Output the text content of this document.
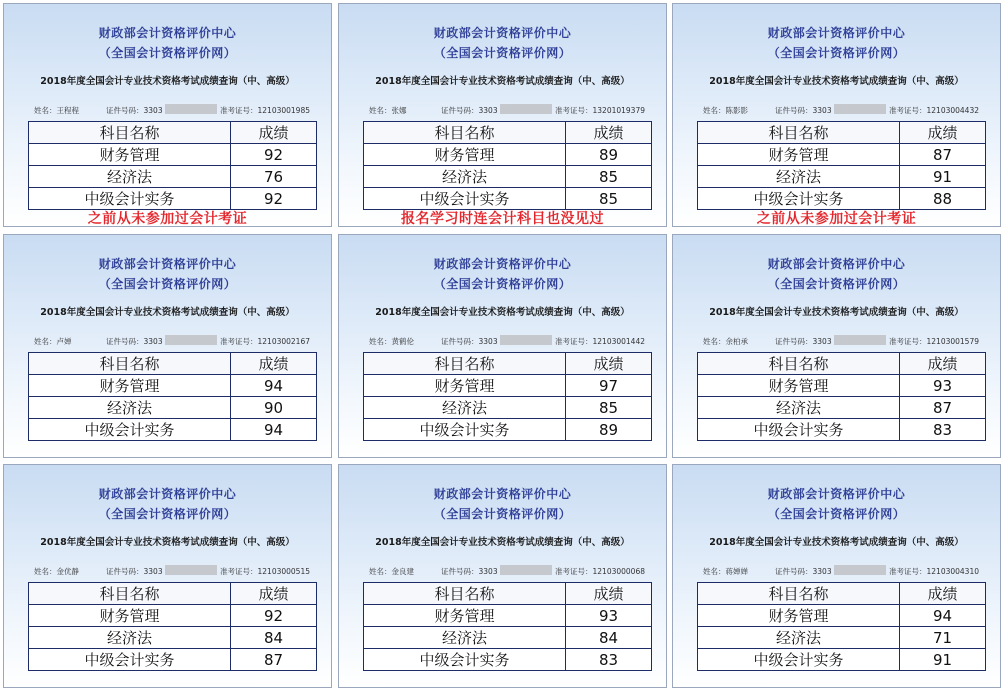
财政部会计资格评价中心
（全国会计资格评价网）
2018年度全国会计专业技术资格考试成绩查询（中、高级）
姓名：王程程	证件号码：3303	准考证号：12103001985
科目名称	成绩
财务管理	92
经济法	76
中级会计实务	92
之前从未参加过会计考证
财政部会计资格评价中心
（全国会计资格评价网）
2018年度全国会计专业技术资格考试成绩查询（中、高级）
姓名：张娜	证件号码：3303	准考证号：13201019379
科目名称	成绩
财务管理	89
经济法	85
中级会计实务	85
报名学习时连会计科目也没见过
财政部会计资格评价中心
（全国会计资格评价网）
2018年度全国会计专业技术资格考试成绩查询（中、高级）
姓名：陈影影	证件号码：3303	准考证号：12103004432
科目名称	成绩
财务管理	87
经济法	91
中级会计实务	88
之前从未参加过会计考证
财政部会计资格评价中心
（全国会计资格评价网）
2018年度全国会计专业技术资格考试成绩查询（中、高级）
姓名：卢婵	证件号码：3303	准考证号：12103002167
科目名称	成绩
财务管理	94
经济法	90
中级会计实务	94
财政部会计资格评价中心
（全国会计资格评价网）
2018年度全国会计专业技术资格考试成绩查询（中、高级）
姓名：黄鹤伦	证件号码：3303	准考证号：12103001442
科目名称	成绩
财务管理	97
经济法	85
中级会计实务	89
财政部会计资格评价中心
（全国会计资格评价网）
2018年度全国会计专业技术资格考试成绩查询（中、高级）
姓名：余柏承	证件号码：3303	准考证号：12103001579
科目名称	成绩
财务管理	93
经济法	87
中级会计实务	83
财政部会计资格评价中心
（全国会计资格评价网）
2018年度全国会计专业技术资格考试成绩查询（中、高级）
姓名：金优静	证件号码：3303	准考证号：12103000515
科目名称	成绩
财务管理	92
经济法	84
中级会计实务	87
财政部会计资格评价中心
（全国会计资格评价网）
2018年度全国会计专业技术资格考试成绩查询（中、高级）
姓名：金良建	证件号码：3303	准考证号：12103000068
科目名称	成绩
财务管理	93
经济法	84
中级会计实务	83
财政部会计资格评价中心
（全国会计资格评价网）
2018年度全国会计专业技术资格考试成绩查询（中、高级）
姓名：蒋婵婵	证件号码：3303	准考证号：12103004310
科目名称	成绩
财务管理	94
经济法	71
中级会计实务	91
